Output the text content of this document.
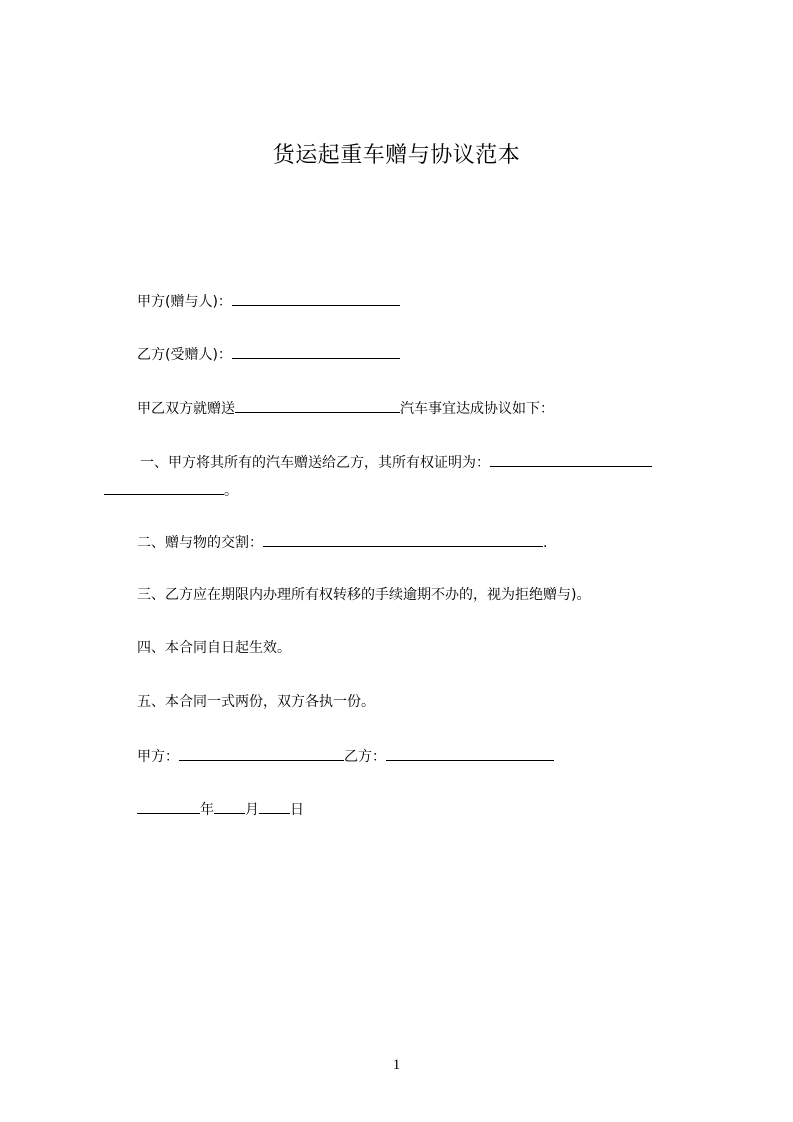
货运起重车赠与协议范本
甲方(赠与人)：
乙方(受赠人)：
甲乙双方就赠送	汽车事宜达成协议如下：
一、甲方将其所有的汽车赠送给乙方，其所有权证明为：
。
二、赠与物的交割：	.
三、乙方应在期限内办理所有权转移的手续逾期不办的，视为拒绝赠与)。
四、本合同自日起生效。
五、本合同一式两份，双方各执一份。
甲方：	乙方：
年 月 日
1
